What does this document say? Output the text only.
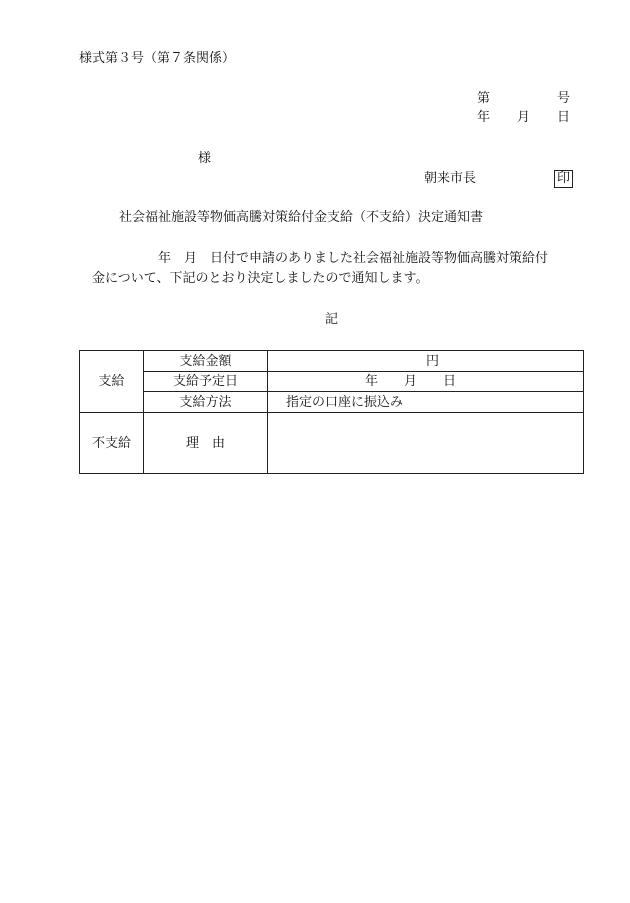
様式第３号（第７条関係）
第	号
年 月 日
様
朝来市長	印
社会福祉施設等物価高騰対策給付金支給（不支給）決定通知書
年　月　日付で申請のありました社会福祉施設等物価高騰対策給付
金について、下記のとおり決定しましたので通知します。
記
支給	支給金額	円
	支給予定日	年　　月　　日
	支給方法	指定の口座に振込み
不支給	理　由	
